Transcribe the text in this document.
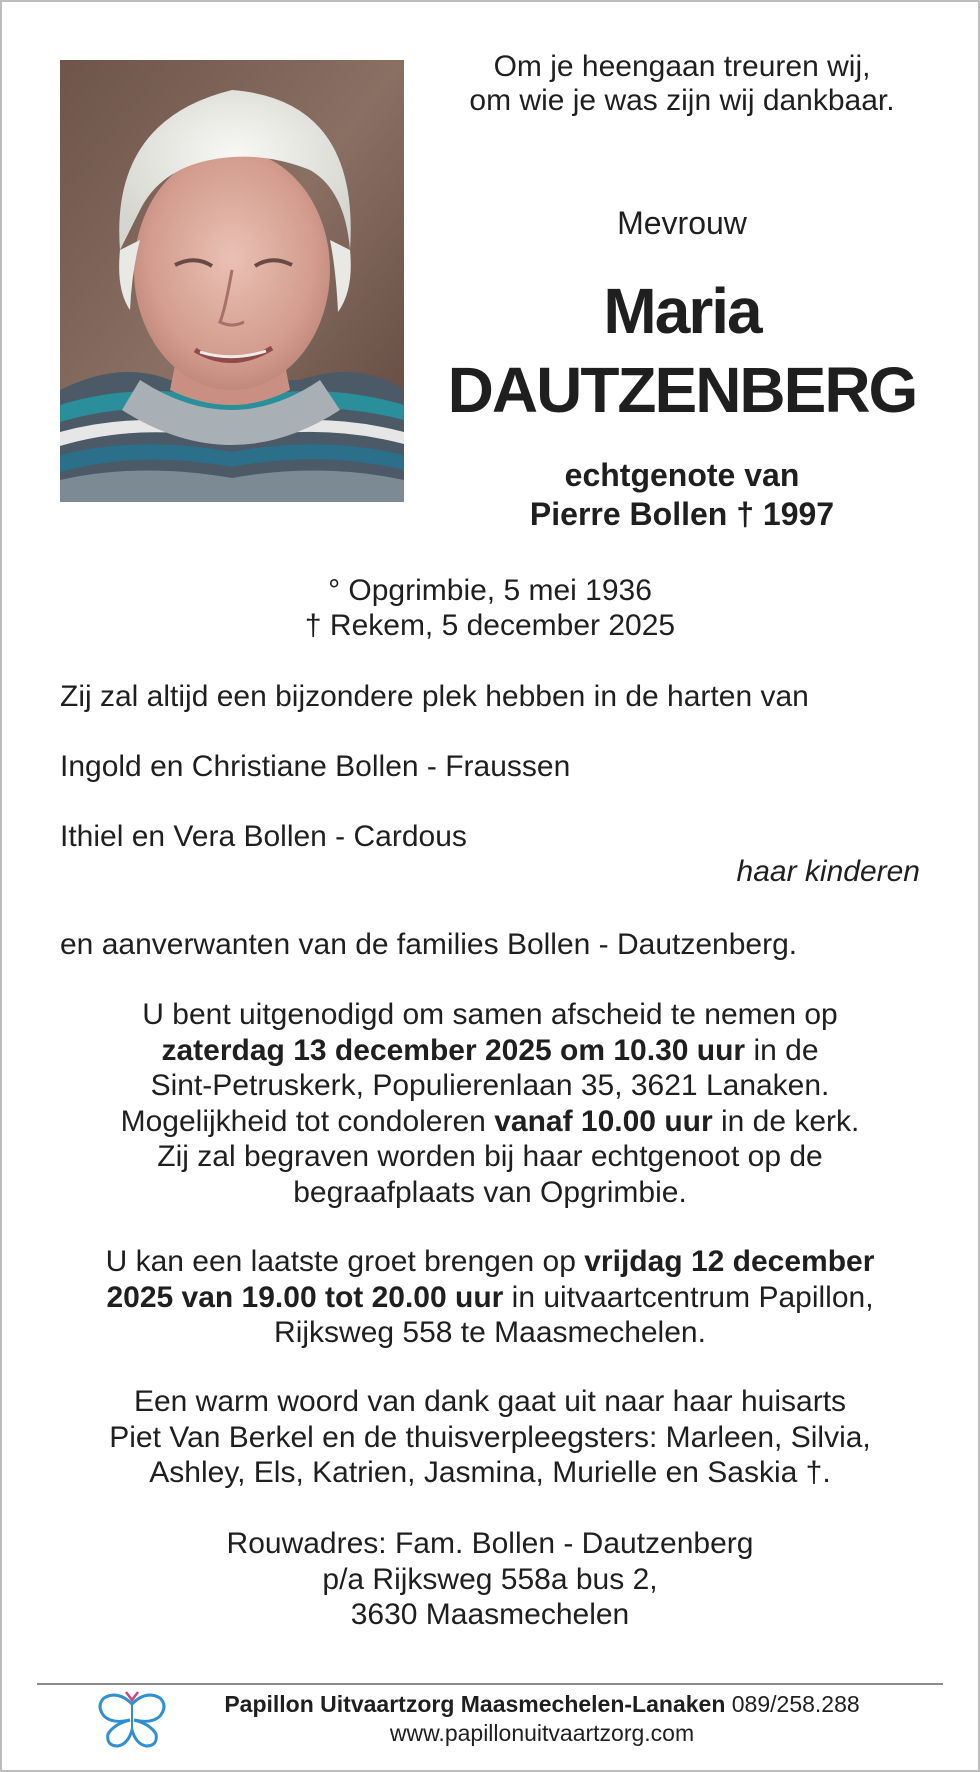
Om je heengaan treuren wij,
om wie je was zijn wij dankbaar.
Mevrouw
Maria
DAUTZENBERG
echtgenote van
Pierre Bollen † 1997
° Opgrimbie, 5 mei 1936
† Rekem, 5 december 2025
Zij zal altijd een bijzondere plek hebben in de harten van
Ingold en Christiane Bollen - Fraussen
Ithiel en Vera Bollen - Cardous
haar kinderen
en aanverwanten van de families Bollen - Dautzenberg.
U bent uitgenodigd om samen afscheid te nemen op
zaterdag 13 december 2025 om 10.30 uur in de
Sint-Petruskerk, Populierenlaan 35, 3621 Lanaken.
Mogelijkheid tot condoleren vanaf 10.00 uur in de kerk.
Zij zal begraven worden bij haar echtgenoot op de
begraafplaats van Opgrimbie.
U kan een laatste groet brengen op vrijdag 12 december
2025 van 19.00 tot 20.00 uur in uitvaartcentrum Papillon,
Rijksweg 558 te Maasmechelen.
Een warm woord van dank gaat uit naar haar huisarts
Piet Van Berkel en de thuisverpleegsters: Marleen, Silvia,
Ashley, Els, Katrien, Jasmina, Murielle en Saskia †.
Rouwadres: Fam. Bollen - Dautzenberg
p/a Rijksweg 558a bus 2,
3630 Maasmechelen
Papillon Uitvaartzorg Maasmechelen-Lanaken 089/258.288
www.papillonuitvaartzorg.com
